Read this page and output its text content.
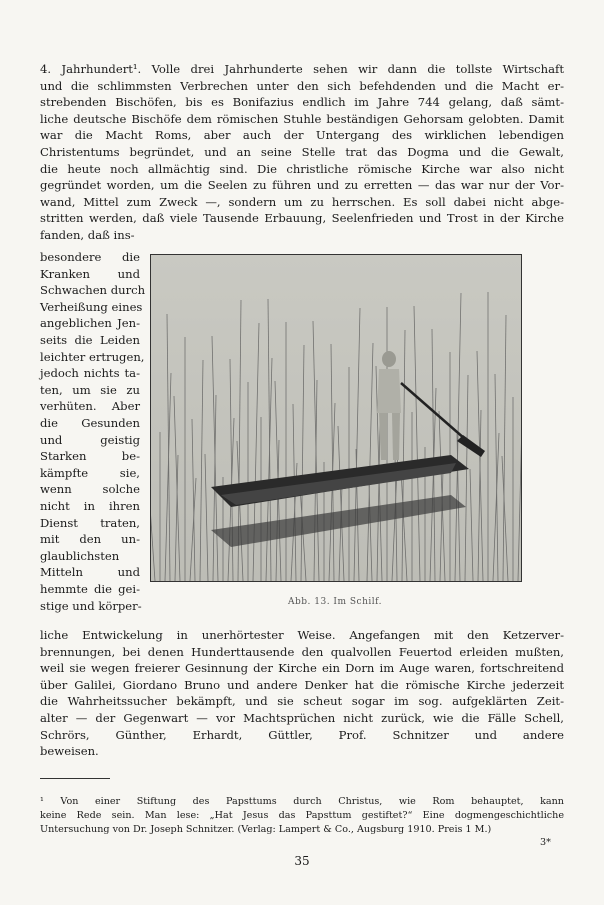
4. Jahrhundert¹. Volle drei Jahrhunderte sehen wir dann die tollste Wirtschaft
und die schlimmsten Verbrechen unter den sich befehdenden und die Macht er-
strebenden Bischöfen, bis es Bonifazius endlich im Jahre 744 gelang, daß sämt-
liche deutsche Bischöfe dem römischen Stuhle beständigen Gehorsam gelobten. Damit
war die Macht Roms, aber auch der Untergang des wirklichen lebendigen
Christentums begründet, und an seine Stelle trat das Dogma und die Gewalt,
die heute noch allmächtig sind. Die christliche römische Kirche war also nicht
gegründet worden, um die Seelen zu führen und zu erretten — das war nur der Vor-
wand, Mittel zum Zweck —, sondern um zu herrschen. Es soll dabei nicht abge-
stritten werden, daß viele Tausende Erbauung, Seelenfrieden und Trost in der Kirche
fanden, daß ins-
besondere die
Kranken und
Schwachen durch
Verheißung eines
angeblichen Jen-
seits die Leiden
leichter ertrugen,
jedoch nichts ta-
ten, um sie zu
verhüten. Aber
die Gesunden
und geistig
Starken be-
kämpfte sie,
wenn solche
nicht in ihren
Dienst traten,
mit den un-
glaublichsten
Mitteln und
hemmte die gei-
stige und körper-	Abb. 13. Im Schilf.
liche Entwickelung in unerhörtester Weise. Angefangen mit den Ketzerver-
brennungen, bei denen Hunderttausende den qualvollen Feuertod erleiden mußten,
weil sie wegen freierer Gesinnung der Kirche ein Dorn im Auge waren, fortschreitend
über Galilei, Giordano Bruno und andere Denker hat die römische Kirche jederzeit
die Wahrheitssucher bekämpft, und sie scheut sogar im sog. aufgeklärten Zeit-
alter — der Gegenwart — vor Machtsprüchen nicht zurück, wie die Fälle Schell,
Schrörs, Günther, Erhardt, Güttler, Prof. Schnitzer und andere
beweisen.
¹ Von einer Stiftung des Papsttums durch Christus, wie Rom behauptet, kann
keine Rede sein. Man lese: „Hat Jesus das Papsttum gestiftet?“ Eine dogmengeschichtliche
Untersuchung von Dr. Joseph Schnitzer. (Verlag: Lampert & Co., Augsburg 1910. Preis 1 M.)
3*
35
